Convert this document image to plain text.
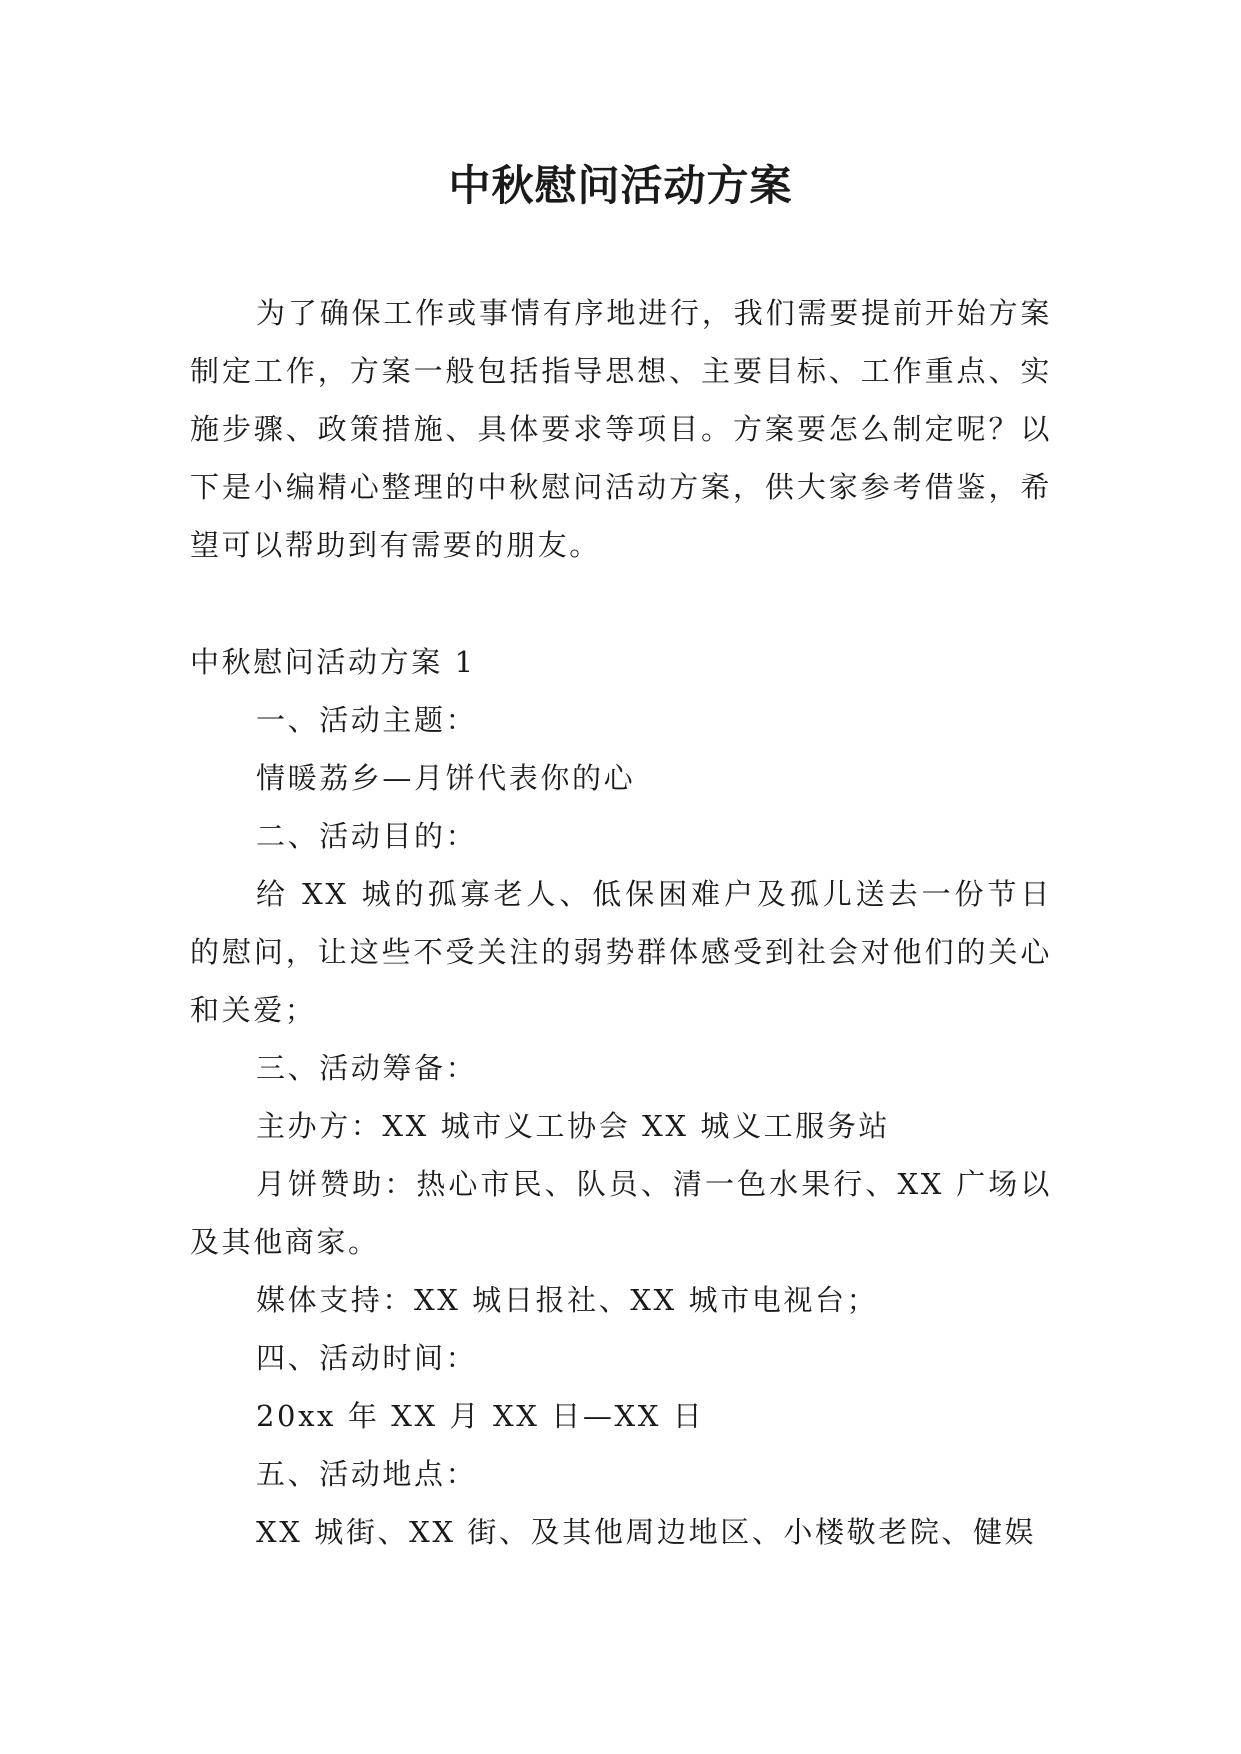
中秋慰问活动方案

为了确保工作或事情有序地进行，我们需要提前开始方案制定工作，方案一般包括指导思想、主要目标、工作重点、实施步骤、政策措施、具体要求等项目。方案要怎么制定呢？以下是小编精心整理的中秋慰问活动方案，供大家参考借鉴，希望可以帮助到有需要的朋友。

中秋慰问活动方案 1

一、活动主题：

情暖荔乡—月饼代表你的心

二、活动目的：

给 XX 城的孤寡老人、低保困难户及孤儿送去一份节日的慰问，让这些不受关注的弱势群体感受到社会对他们的关心和关爱；

三、活动筹备：

主办方：XX 城市义工协会 XX 城义工服务站

月饼赞助：热心市民、队员、清一色水果行、XX 广场以及其他商家。

媒体支持：XX 城日报社、XX 城市电视台；

四、活动时间：

20xx 年 XX 月 XX 日—XX 日

五、活动地点：

XX 城街、XX 街、及其他周边地区、小楼敬老院、健娱
